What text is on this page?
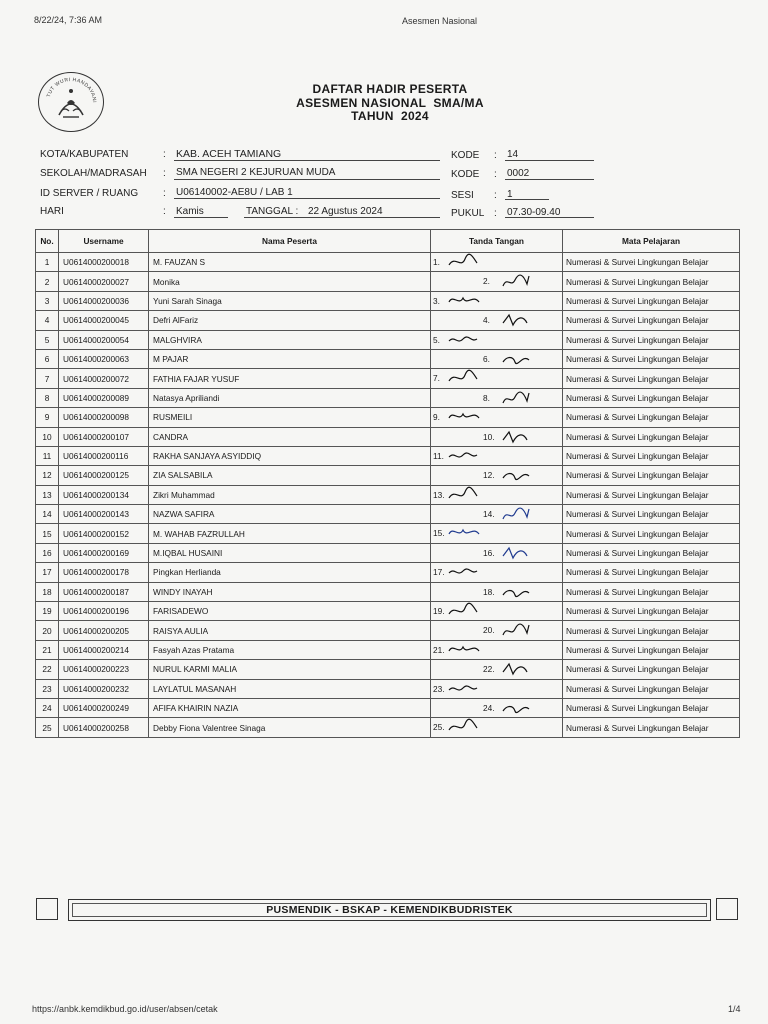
8/22/24, 7:36 AM	Asesmen Nasional
TUT WURI HANDAYANI
DAFTAR HADIR PESERTA
ASESMEN NASIONAL  SMA/MA
TAHUN  2024
KOTA/KABUPATEN	: KAB. ACEH TAMIANG	KODE : 14
SEKOLAH/MADRASAH : SMA NEGERI 2 KEJURUAN MUDA	KODE : 0002
ID SERVER / RUANG : U06140002-AE8U / LAB 1	SESI : 1
HARI	: Kamis	TANGGAL : 22 Agustus 2024	PUKUL : 07.30-09.40
No.	Username	Nama Peserta	Tanda Tangan	Mata Pelajaran
1	U0614000200018	M. FAUZAN S	1.	Numerasi & Survei Lingkungan Belajar
2	U0614000200027	Monika	2.	Numerasi & Survei Lingkungan Belajar
3	U0614000200036	Yuni Sarah Sinaga	3.	Numerasi & Survei Lingkungan Belajar
4	U0614000200045	Defri AlFariz	4.	Numerasi & Survei Lingkungan Belajar
5	U0614000200054	MALGHVIRA	5.	Numerasi & Survei Lingkungan Belajar
6	U0614000200063	M PAJAR	6.	Numerasi & Survei Lingkungan Belajar
7	U0614000200072	FATHIA FAJAR YUSUF	7.	Numerasi & Survei Lingkungan Belajar
8	U0614000200089	Natasya Apriliandi	8.	Numerasi & Survei Lingkungan Belajar
9	U0614000200098	RUSMEILI	9.	Numerasi & Survei Lingkungan Belajar
10	U0614000200107	CANDRA	10.	Numerasi & Survei Lingkungan Belajar
11	U0614000200116	RAKHA SANJAYA ASYIDDIQ	11.	Numerasi & Survei Lingkungan Belajar
12	U0614000200125	ZIA SALSABILA	12.	Numerasi & Survei Lingkungan Belajar
13	U0614000200134	Zikri Muhammad	13.	Numerasi & Survei Lingkungan Belajar
14	U0614000200143	NAZWA SAFIRA	14.	Numerasi & Survei Lingkungan Belajar
15	U0614000200152	M. WAHAB FAZRULLAH	15.	Numerasi & Survei Lingkungan Belajar
16	U0614000200169	M.IQBAL HUSAINI	16.	Numerasi & Survei Lingkungan Belajar
17	U0614000200178	Pingkan Herlianda	17.	Numerasi & Survei Lingkungan Belajar
18	U0614000200187	WINDY INAYAH	18.	Numerasi & Survei Lingkungan Belajar
19	U0614000200196	FARISADEWO	19.	Numerasi & Survei Lingkungan Belajar
20	U0614000200205	RAISYA AULIA	20.	Numerasi & Survei Lingkungan Belajar
21	U0614000200214	Fasyah Azas Pratama	21.	Numerasi & Survei Lingkungan Belajar
22	U0614000200223	NURUL KARMI MALIA	22.	Numerasi & Survei Lingkungan Belajar
23	U0614000200232	LAYLATUL MASANAH	23.	Numerasi & Survei Lingkungan Belajar
24	U0614000200249	AFIFA KHAIRIN NAZIA	24.	Numerasi & Survei Lingkungan Belajar
25	U0614000200258	Debby Fiona Valentree Sinaga	25.	Numerasi & Survei Lingkungan Belajar
PUSMENDIK - BSKAP - KEMENDIKBUDRISTEK
https://anbk.kemdikbud.go.id/user/absen/cetak	1/4
